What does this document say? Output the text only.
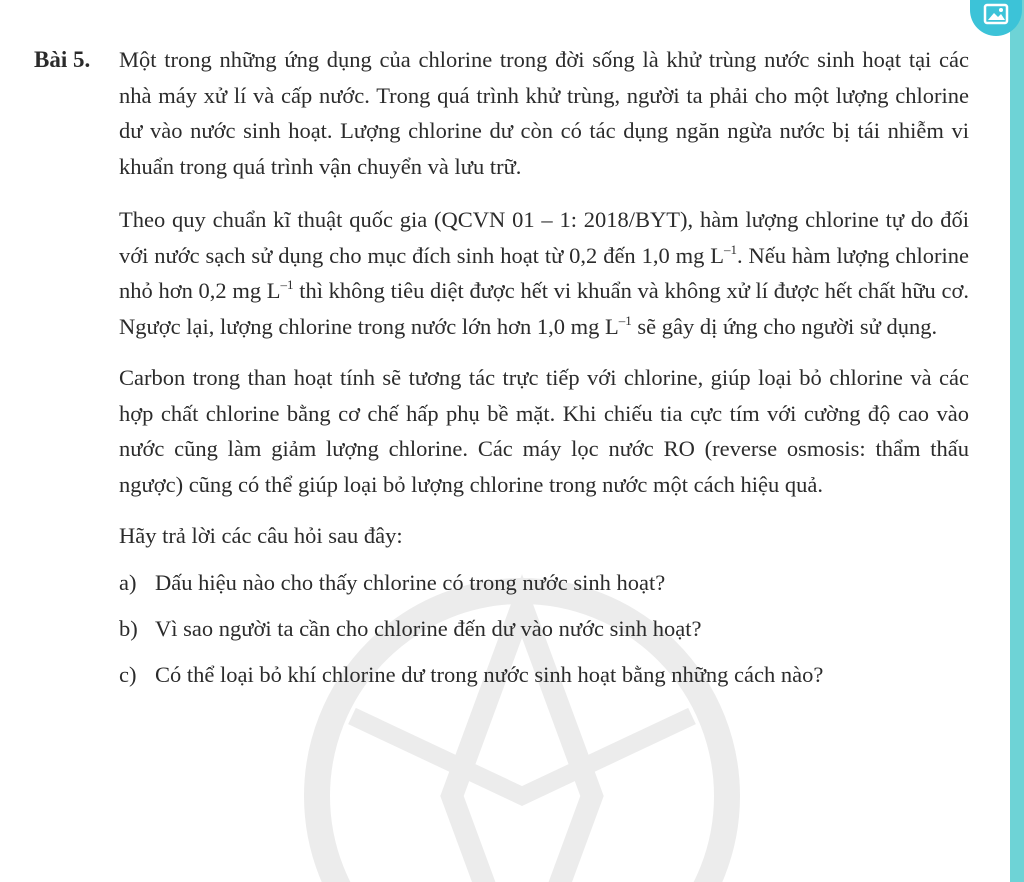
Bài 5.	Một trong những ứng dụng của chlorine trong đời sống là khử trùng nước sinh hoạt tại các nhà máy xử lí và cấp nước. Trong quá trình khử trùng, người ta phải cho một lượng chlorine dư vào nước sinh hoạt. Lượng chlorine dư còn có tác dụng ngăn ngừa nước bị tái nhiễm vi khuẩn trong quá trình vận chuyển và lưu trữ.

Theo quy chuẩn kĩ thuật quốc gia (QCVN 01 – 1: 2018/BYT), hàm lượng chlorine tự do đối với nước sạch sử dụng cho mục đích sinh hoạt từ 0,2 đến 1,0 mg $L^{-1}$. Nếu hàm lượng chlorine nhỏ hơn 0,2 mg $L^{-1}$ thì không tiêu diệt được hết vi khuẩn và không xử lí được hết chất hữu cơ. Ngược lại, lượng chlorine trong nước lớn hơn 1,0 mg $L^{-1}$ sẽ gây dị ứng cho người sử dụng.

Carbon trong than hoạt tính sẽ tương tác trực tiếp với chlorine, giúp loại bỏ chlorine và các hợp chất chlorine bằng cơ chế hấp phụ bề mặt. Khi chiếu tia cực tím với cường độ cao vào nước cũng làm giảm lượng chlorine. Các máy lọc nước RO (reverse osmosis: thẩm thấu ngược) cũng có thể giúp loại bỏ lượng chlorine trong nước một cách hiệu quả.

Hãy trả lời các câu hỏi sau đây:

a) Dấu hiệu nào cho thấy chlorine có trong nước sinh hoạt?
b) Vì sao người ta cần cho chlorine đến dư vào nước sinh hoạt?
c) Có thể loại bỏ khí chlorine dư trong nước sinh hoạt bằng những cách nào?
